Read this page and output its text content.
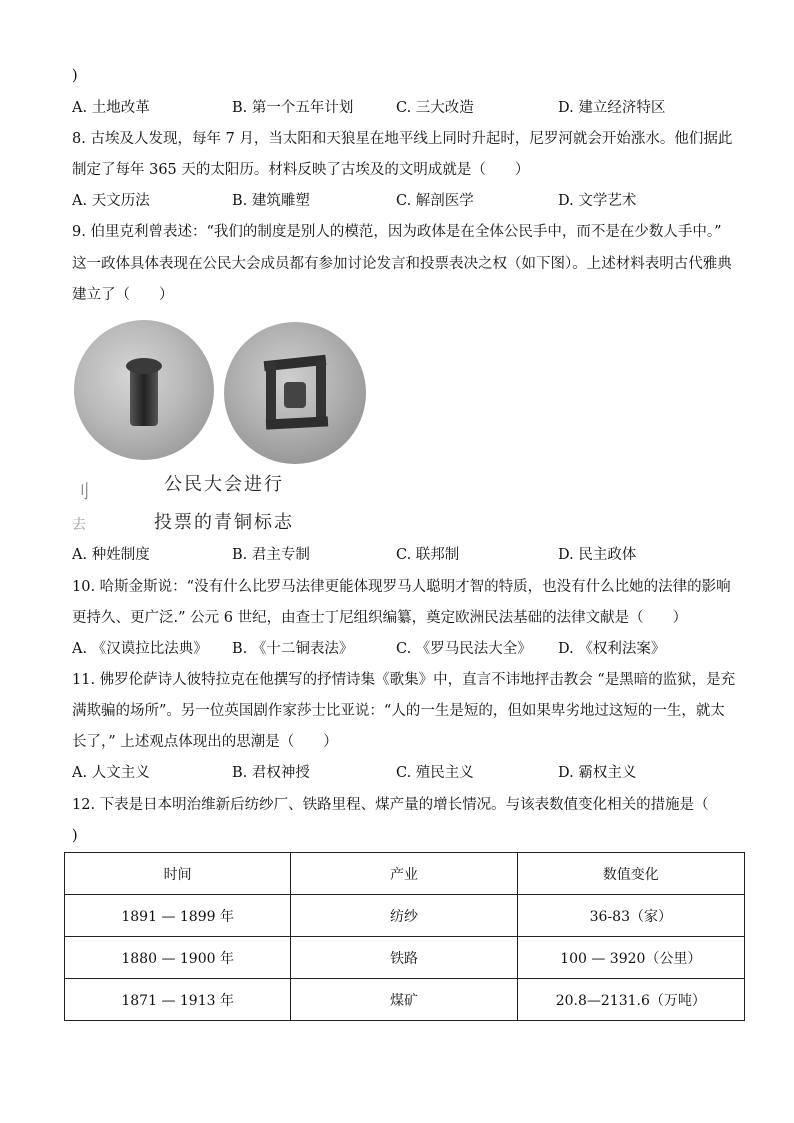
)
A. 土地改革	B. 第一个五年计划	C. 三大改造	D. 建立经济特区
8. 古埃及人发现，每年 7 月，当太阳和天狼星在地平线上同时升起时，尼罗河就会开始涨水。他们据此
制定了每年 365 天的太阳历。材料反映了古埃及的文明成就是（　　）
A. 天文历法	B. 建筑雕塑	C. 解剖医学	D. 文学艺术
9. 伯里克利曾表述：“我们的制度是别人的模范，因为政体是在全体公民手中，而不是在少数人手中。”
这一政体具体表现在公民大会成员都有参加讨论发言和投票表决之权（如下图）。上述材料表明古代雅典
建立了（　　）
刂
去
公民大会进行
投票的青铜标志
A. 种姓制度	B. 君主专制	C. 联邦制	D. 民主政体
10. 哈斯金斯说：“没有什么比罗马法律更能体现罗马人聪明才智的特质，也没有什么比她的法律的影响
更持久、更广泛.” 公元 6 世纪，由查士丁尼组织编纂，奠定欧洲民法基础的法律文献是（　　）
A. 《汉谟拉比法典》 B. 《十二铜表法》	C. 《罗马民法大全》 D. 《权利法案》
11. 佛罗伦萨诗人彼特拉克在他撰写的抒情诗集《歌集》中，直言不讳地抨击教会 “是黑暗的监狱，是充
满欺骗的场所”。另一位英国剧作家莎士比亚说：“人的一生是短的，但如果卑劣地过这短的一生，就太
长了，” 上述观点体现出的思潮是（　　）
A. 人文主义	B. 君权神授	C. 殖民主义	D. 霸权主义
12. 下表是日本明治维新后纺纱厂、铁路里程、煤产量的增长情况。与该表数值变化相关的措施是（
)
时间	产业	数值变化
1891 — 1899 年	纺纱	36-83（家）
1880 — 1900 年	铁路	100 — 3920（公里）
1871 — 1913 年	煤矿	20.8—2131.6（万吨）
